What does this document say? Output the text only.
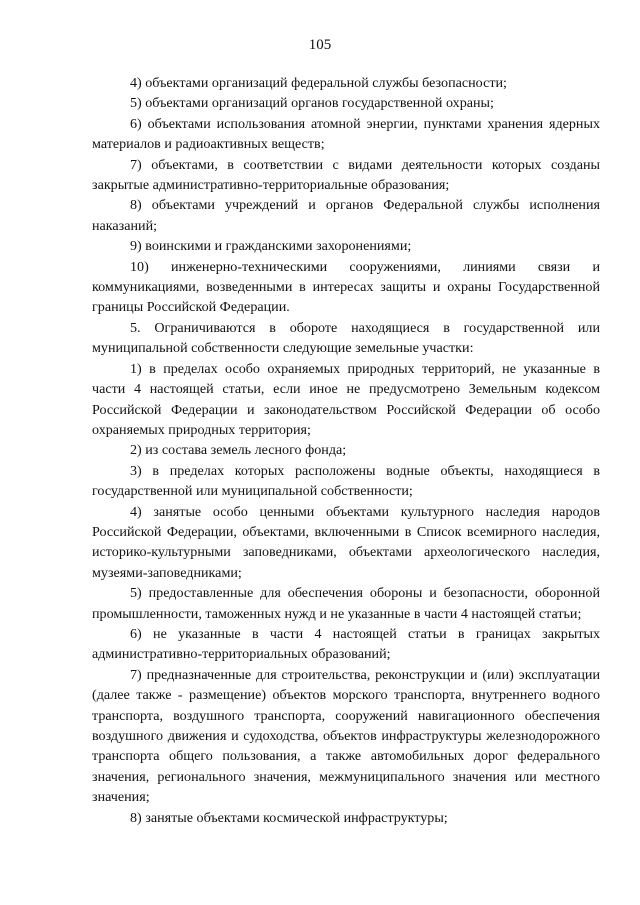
105

4) объектами организаций федеральной службы безопасности;

5) объектами организаций органов государственной охраны;

6) объектами использования атомной энергии, пунктами хранения ядерных материалов и радиоактивных веществ;

7) объектами, в соответствии с видами деятельности которых созданы закрытые административно-территориальные образования;

8) объектами учреждений и органов Федеральной службы исполнения наказаний;

9) воинскими и гражданскими захоронениями;

10) инженерно-техническими сооружениями, линиями связи и коммуникациями, возведенными в интересах защиты и охраны Государственной границы Российской Федерации.

5. Ограничиваются в обороте находящиеся в государственной или муниципальной собственности следующие земельные участки:

1) в пределах особо охраняемых природных территорий, не указанные в части 4 настоящей статьи, если иное не предусмотрено Земельным кодексом Российской Федерации и законодательством Российской Федерации об особо охраняемых природных территория;

2) из состава земель лесного фонда;

3) в пределах которых расположены водные объекты, находящиеся в государственной или муниципальной собственности;

4) занятые особо ценными объектами культурного наследия народов Российской Федерации, объектами, включенными в Список всемирного наследия, историко-культурными заповедниками, объектами археологического наследия, музеями-заповедниками;

5) предоставленные для обеспечения обороны и безопасности, оборонной промышленности, таможенных нужд и не указанные в части 4 настоящей статьи;

6) не указанные в части 4 настоящей статьи в границах закрытых административно-территориальных образований;

7) предназначенные для строительства, реконструкции и (или) эксплуатации (далее также - размещение) объектов морского транспорта, внутреннего водного транспорта, воздушного транспорта, сооружений навигационного обеспечения воздушного движения и судоходства, объектов инфраструктуры железнодорожного транспорта общего пользования, а также автомобильных дорог федерального значения, регионального значения, межмуниципального значения или местного значения;

8) занятые объектами космической инфраструктуры;
